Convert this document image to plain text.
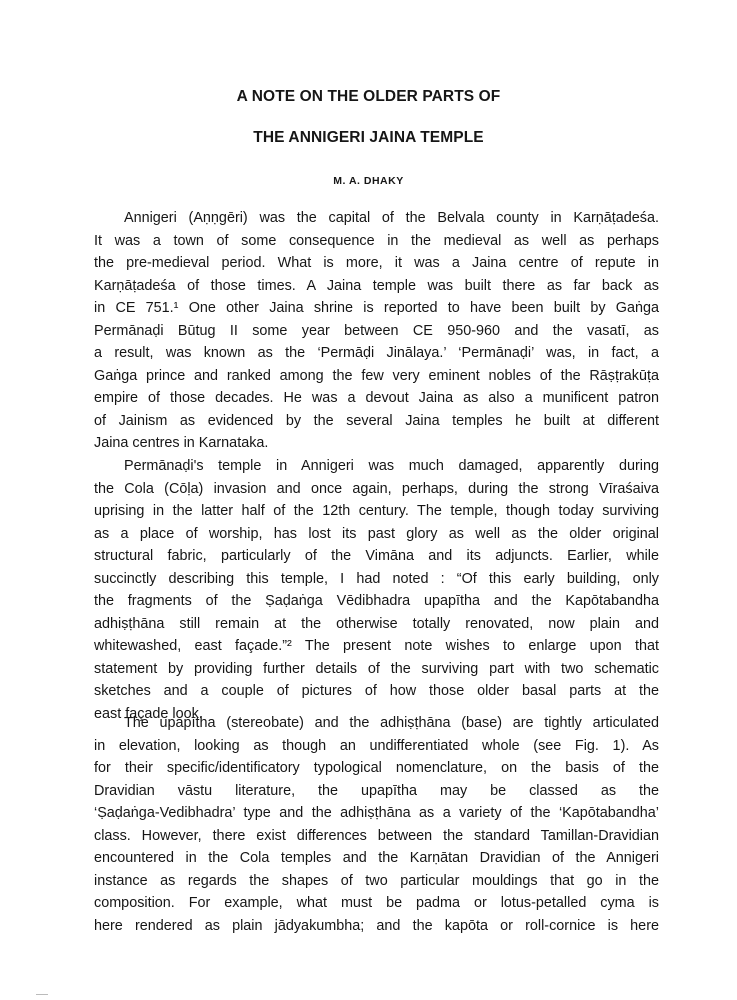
A NOTE ON THE OLDER PARTS OF
THE ANNIGERI JAINA TEMPLE
M. A. DHAKY
Annigeri (Aṇṇgēri) was the capital of the Belvala county in Karṇāṭadeśa.
It was a town of some consequence in the medieval as well as perhaps
the pre-medieval period. What is more, it was a Jaina centre of repute in
Karṇāṭadeśa of those times. A Jaina temple was built there as far back as
in CE 751.¹ One other Jaina shrine is reported to have been built by Gaṅga
Permānaḍi Būtug II some year between CE 950-960 and the vasatī, as
a result, was known as the ‘Permāḍi Jinālaya.’ ‘Permānaḍi’ was, in fact, a
Gaṅga prince and ranked among the few very eminent nobles of the Rāṣṭrakūṭa
empire of those decades. He was a devout Jaina as also a munificent patron
of Jainism as evidenced by the several Jaina temples he built at different
Jaina centres in Karnataka.
Permānaḍi's temple in Annigeri was much damaged, apparently during
the Cola (Cōḷa) invasion and once again, perhaps, during the strong Vīraśaiva
uprising in the latter half of the 12th century. The temple, though today surviving
as a place of worship, has lost its past glory as well as the older original
structural fabric, particularly of the Vimāna and its adjuncts. Earlier, while
succinctly describing this temple, I had noted : “Of this early building, only
the fragments of the Ṣaḍaṅga Vēdibhadra upapītha and the Kapōtabandha
adhiṣṭhāna still remain at the otherwise totally renovated, now plain and
whitewashed, east façade.”² The present note wishes to enlarge upon that
statement by providing further details of the surviving part with two schematic
sketches and a couple of pictures of how those older basal parts at the
east façade look.
The upapītha (stereobate) and the adhiṣṭhāna (base) are tightly articulated
in elevation, looking as though an undifferentiated whole (see Fig. 1). As
for their specific/identificatory typological nomenclature, on the basis of the
Dravidian vāstu literature, the upapītha may be classed as the
‘Ṣaḍaṅga-Vedibhadra’ type and the adhiṣṭhāna as a variety of the ‘Kapōtabandha’
class. However, there exist differences between the standard Tamillan-Dravidian
encountered in the Cola temples and the Karṇātan Dravidian of the Annigeri
instance as regards the shapes of two particular mouldings that go in the
composition. For example, what must be padma or lotus-petalled cyma is
here rendered as plain jādyakumbha; and the kapōta or roll-cornice is here
